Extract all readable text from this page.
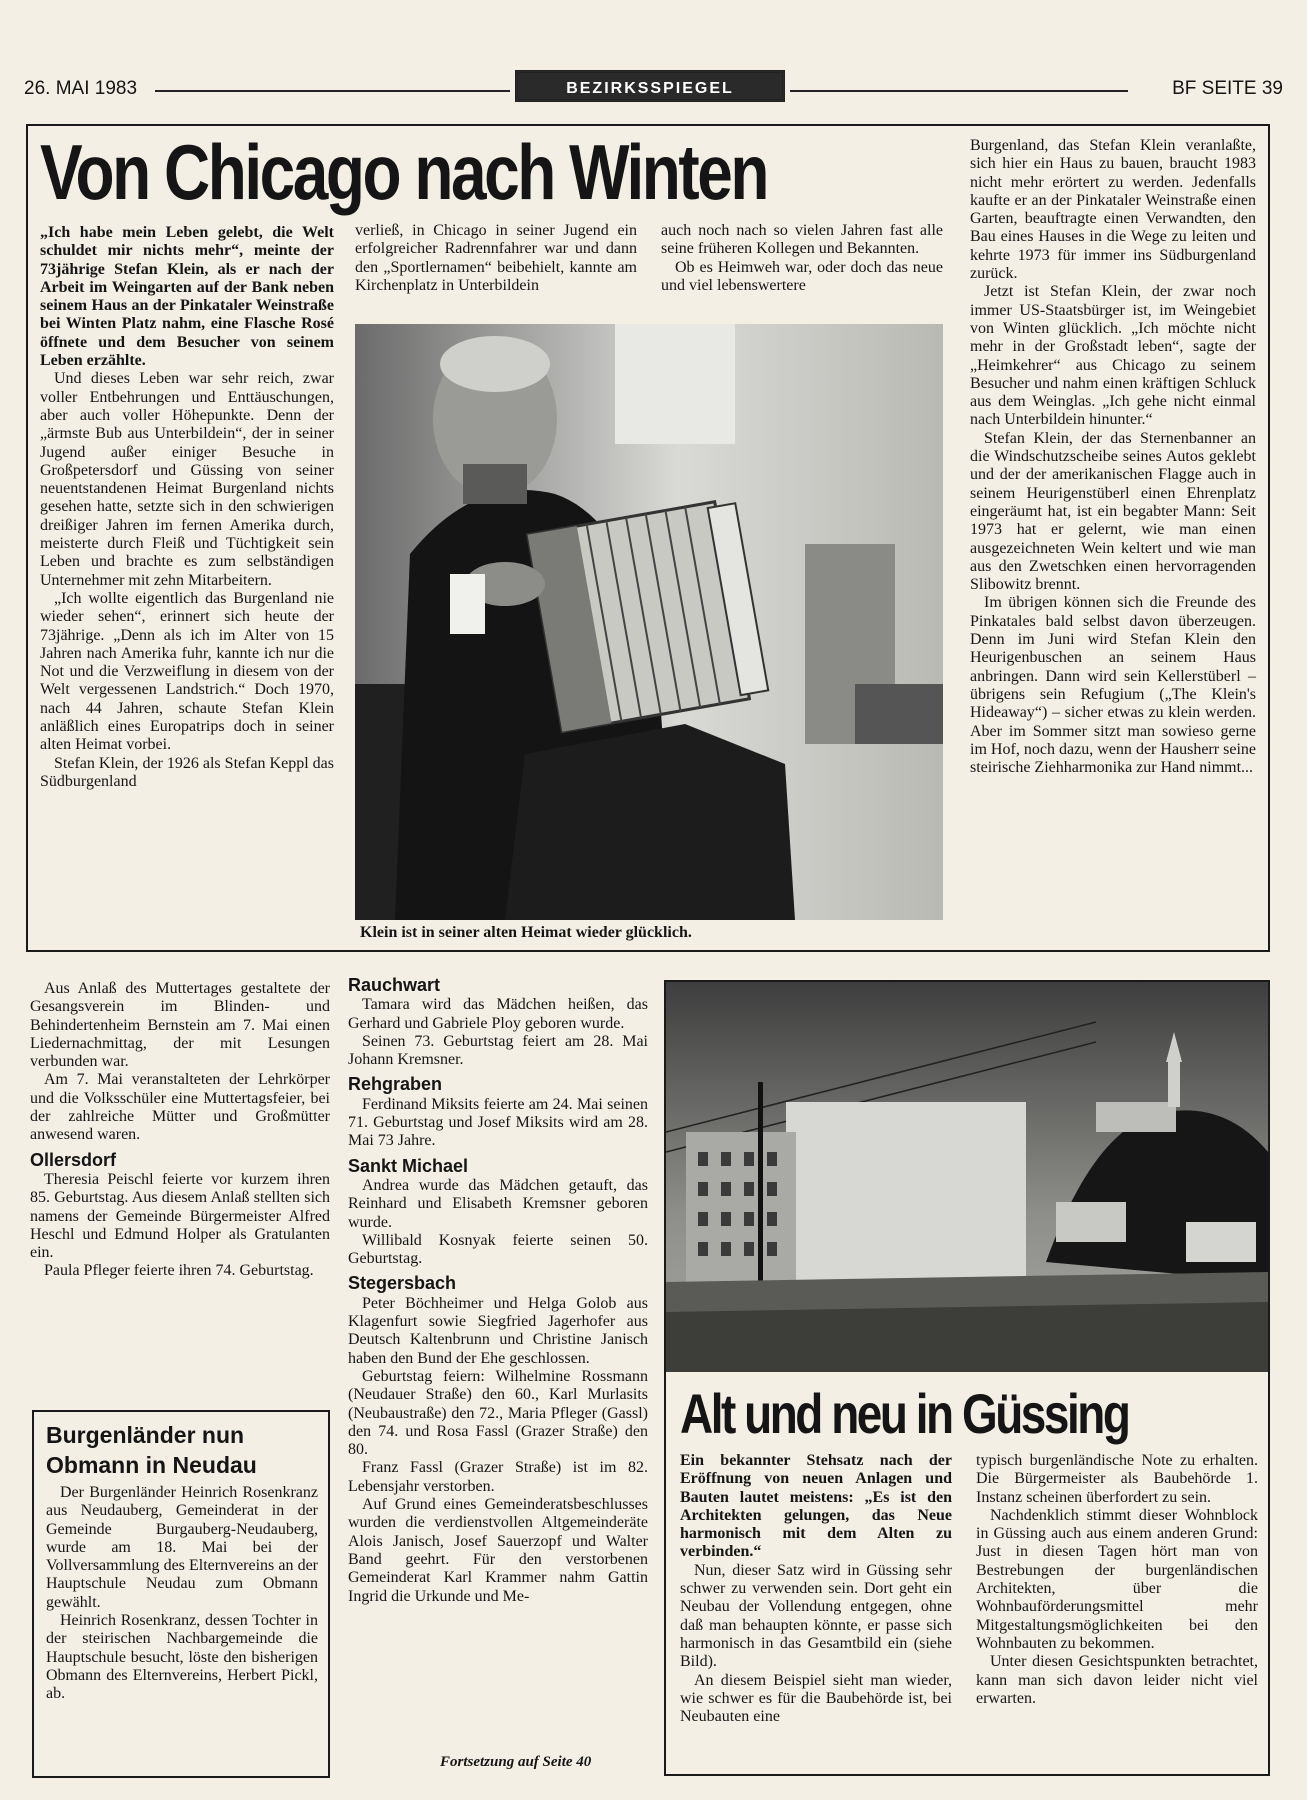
26. MAI 1983	BEZIRKSSPIEGEL	BF SEITE 39
Von Chicago nach Winten

„Ich habe mein Leben gelebt, die Welt schuldet mir nichts mehr“, meinte der 73jährige Stefan Klein, als er nach der Arbeit im Weingarten auf der Bank neben seinem Haus an der Pinkataler Weinstraße bei Winten Platz nahm, eine Flasche Rosé öffnete und dem Besucher von seinem Leben erzählte.

Und dieses Leben war sehr reich, zwar voller Entbehrungen und Enttäuschungen, aber auch voller Höhepunkte. Denn der „ärmste Bub aus Unterbildein“, der in seiner Jugend außer einiger Besuche in Großpetersdorf und Güssing von seiner neuentstandenen Heimat Burgenland nichts gesehen hatte, setzte sich in den schwierigen dreißiger Jahren im fernen Amerika durch, meisterte durch Fleiß und Tüchtigkeit sein Leben und brachte es zum selbständigen Unternehmer mit zehn Mitarbeitern.

„Ich wollte eigentlich das Burgenland nie wieder sehen“, erinnert sich heute der 73jährige. „Denn als ich im Alter von 15 Jahren nach Amerika fuhr, kannte ich nur die Not und die Verzweiflung in diesem von der Welt vergessenen Landstrich.“ Doch 1970, nach 44 Jahren, schaute Stefan Klein anläßlich eines Europatrips doch in seiner alten Heimat vorbei.

Stefan Klein, der 1926 als Stefan Keppl das Südburgenland

verließ, in Chicago in seiner Jugend ein erfolgreicher Radrennfahrer war und dann den „Sportlernamen“ beibehielt, kannte am Kirchenplatz in Unterbildein

auch noch nach so vielen Jahren fast alle seine früheren Kollegen und Bekannten.

Ob es Heimweh war, oder doch das neue und viel lebenswertere

Klein ist in seiner alten Heimat wieder glücklich.

Burgenland, das Stefan Klein veranlaßte, sich hier ein Haus zu bauen, braucht 1983 nicht mehr erörtert zu werden. Jedenfalls kaufte er an der Pinkataler Weinstraße einen Garten, beauftragte einen Verwandten, den Bau eines Hauses in die Wege zu leiten und kehrte 1973 für immer ins Südburgenland zurück.

Jetzt ist Stefan Klein, der zwar noch immer US-Staatsbürger ist, im Weingebiet von Winten glücklich. „Ich möchte nicht mehr in der Großstadt leben“, sagte der „Heimkehrer“ aus Chicago zu seinem Besucher und nahm einen kräftigen Schluck aus dem Weinglas. „Ich gehe nicht einmal nach Unterbildein hinunter.“

Stefan Klein, der das Sternenbanner an die Windschutzscheibe seines Autos geklebt und der der amerikanischen Flagge auch in seinem Heurigenstüberl einen Ehrenplatz eingeräumt hat, ist ein begabter Mann: Seit 1973 hat er gelernt, wie man einen ausgezeichneten Wein keltert und wie man aus den Zwetschken einen hervorragenden Slibowitz brennt.

Im übrigen können sich die Freunde des Pinkatales bald selbst davon überzeugen. Denn im Juni wird Stefan Klein den Heurigenbuschen an seinem Haus anbringen. Dann wird sein Kellerstüberl – übrigens sein Refugium („The Klein's Hideaway“) – sicher etwas zu klein werden. Aber im Sommer sitzt man sowieso gerne im Hof, noch dazu, wenn der Hausherr seine steirische Ziehharmonika zur Hand nimmt...

Aus Anlaß des Muttertages gestaltete der Gesangsverein im Blinden- und Behindertenheim Bernstein am 7. Mai einen Liedernachmittag, der mit Lesungen verbunden war.

Am 7. Mai veranstalteten der Lehrkörper und die Volksschüler eine Muttertagsfeier, bei der zahlreiche Mütter und Großmütter anwesend waren.

Ollersdorf

Theresia Peischl feierte vor kurzem ihren 85. Geburtstag. Aus diesem Anlaß stellten sich namens der Gemeinde Bürgermeister Alfred Heschl und Edmund Holper als Gratulanten ein.

Paula Pfleger feierte ihren 74. Geburtstag.

Burgenländer nun Obmann in Neudau

Der Burgenländer Heinrich Rosenkranz aus Neudauberg, Gemeinderat in der Gemeinde Burgauberg-Neudauberg, wurde am 18. Mai bei der Vollversammlung des Elternvereins an der Hauptschule Neudau zum Obmann gewählt.

Heinrich Rosenkranz, dessen Tochter in der steirischen Nachbargemeinde die Hauptschule besucht, löste den bisherigen Obmann des Elternvereins, Herbert Pickl, ab.

Rauchwart

Tamara wird das Mädchen heißen, das Gerhard und Gabriele Ploy geboren wurde.

Seinen 73. Geburtstag feiert am 28. Mai Johann Kremsner.

Rehgraben

Ferdinand Miksits feierte am 24. Mai seinen 71. Geburtstag und Josef Miksits wird am 28. Mai 73 Jahre.

Sankt Michael

Andrea wurde das Mädchen getauft, das Reinhard und Elisabeth Kremsner geboren wurde.

Willibald Kosnyak feierte seinen 50. Geburtstag.

Stegersbach

Peter Böchheimer und Helga Golob aus Klagenfurt sowie Siegfried Jagerhofer aus Deutsch Kaltenbrunn und Christine Janisch haben den Bund der Ehe geschlossen.

Geburtstag feiern: Wilhelmine Rossmann (Neudauer Straße) den 60., Karl Murlasits (Neubaustraße) den 72., Maria Pfleger (Gassl) den 74. und Rosa Fassl (Grazer Straße) den 80.

Franz Fassl (Grazer Straße) ist im 82. Lebensjahr verstorben.

Auf Grund eines Gemeinderatsbeschlusses wurden die verdienstvollen Altgemeinderäte Alois Janisch, Josef Sauerzopf und Walter Band geehrt. Für den verstorbenen Gemeinderat Karl Krammer nahm Gattin Ingrid die Urkunde und Me-

Fortsetzung auf Seite 40
Alt und neu in Güssing

Ein bekannter Stehsatz nach der Eröffnung von neuen Anlagen und Bauten lautet meistens: „Es ist den Architekten gelungen, das Neue harmonisch mit dem Alten zu verbinden.“

Nun, dieser Satz wird in Güssing sehr schwer zu verwenden sein. Dort geht ein Neubau der Vollendung entgegen, ohne daß man behaupten könnte, er passe sich harmonisch in das Gesamtbild ein (siehe Bild).

An diesem Beispiel sieht man wieder, wie schwer es für die Baubehörde ist, bei Neubauten eine

typisch burgenländische Note zu erhalten. Die Bürgermeister als Baubehörde 1. Instanz scheinen überfordert zu sein.

Nachdenklich stimmt dieser Wohnblock in Güssing auch aus einem anderen Grund: Just in diesen Tagen hört man von Bestrebungen der burgenländischen Architekten, über die Wohnbauförderungsmittel mehr Mitgestaltungsmöglichkeiten bei den Wohnbauten zu bekommen.

Unter diesen Gesichtspunkten betrachtet, kann man sich davon leider nicht viel erwarten.
